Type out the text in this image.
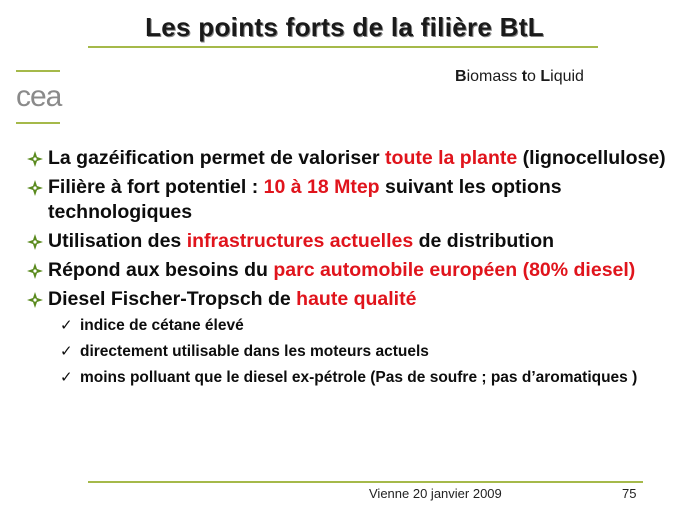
Les points forts de la filière BtL
cea
Biomass to Liquid
La gazéification permet de valoriser toute la plante (lignocellulose)
Filière à fort potentiel : 10 à 18 Mtep suivant les options technologiques
Utilisation des infrastructures actuelles de distribution
Répond aux besoins du parc automobile européen (80% diesel)
Diesel Fischer-Tropsch de haute qualité
✓ indice de cétane élevé
✓ directement utilisable dans les moteurs actuels
✓ moins polluant que le diesel ex-pétrole (Pas de soufre ; pas d’aromatiques )
Vienne 20 janvier 2009	75
